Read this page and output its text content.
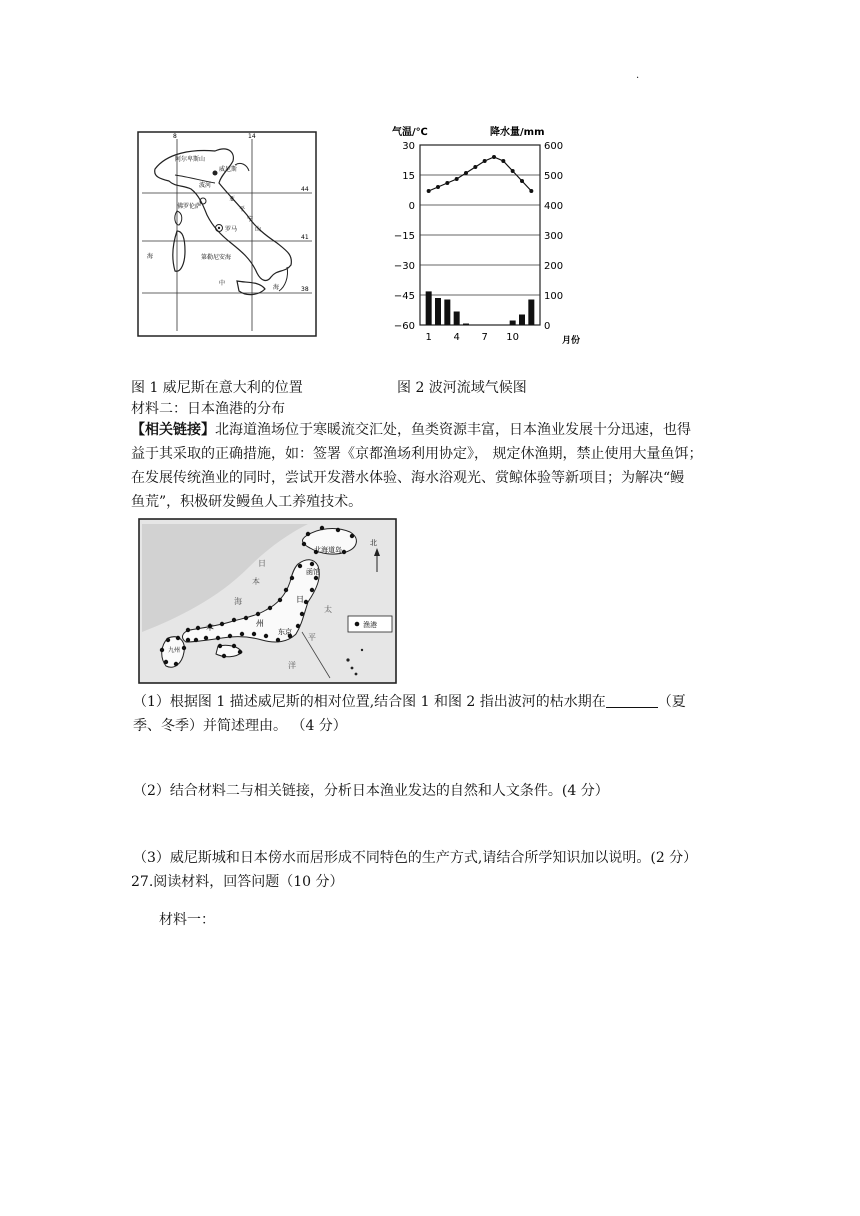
.
8	14
44
41
38
阿尔卑斯山
威尼斯
波河
佛罗伦萨
罗马
第勒尼安海
亚
平
宁
山
海
中
海
气温/℃	降水量/mm
30
15
0
−15
−30
−45
−60
600
500
400
300
200
100
0
1 4 7 10	月份
图 1 威尼斯在意大利的位置	图 2 波河流域气候图
材料二：日本渔港的分布
【相关链接】北海道渔场位于寒暖流交汇处，鱼类资源丰富，日本渔业发展十分迅速，也得
益于其采取的正确措施，如：签署《京都渔场利用协定》， 规定休渔期，禁止使用大量鱼饵；
在发展传统渔业的同时，尝试开发潜水体验、海水浴观光、赏鲸体验等新项目；为解决“鳗
鱼荒”，积极研发鳗鱼人工养殖技术。
北
渔港
北海道岛
函馆
日
本
海	日
州
本	东京
太
平
洋
九州
（1）根据图 1 描述威尼斯的相对位置,结合图 1 和图 2 指出波河的枯水期在	（夏
季、冬季）并简述理由。 （4 分）
（2）结合材料二与相关链接，分析日本渔业发达的自然和人文条件。(4 分）
（3）威尼斯城和日本傍水而居形成不同特色的生产方式,请结合所学知识加以说明。(2 分）
27.阅读材料，回答问题（10 分）
材料一：
